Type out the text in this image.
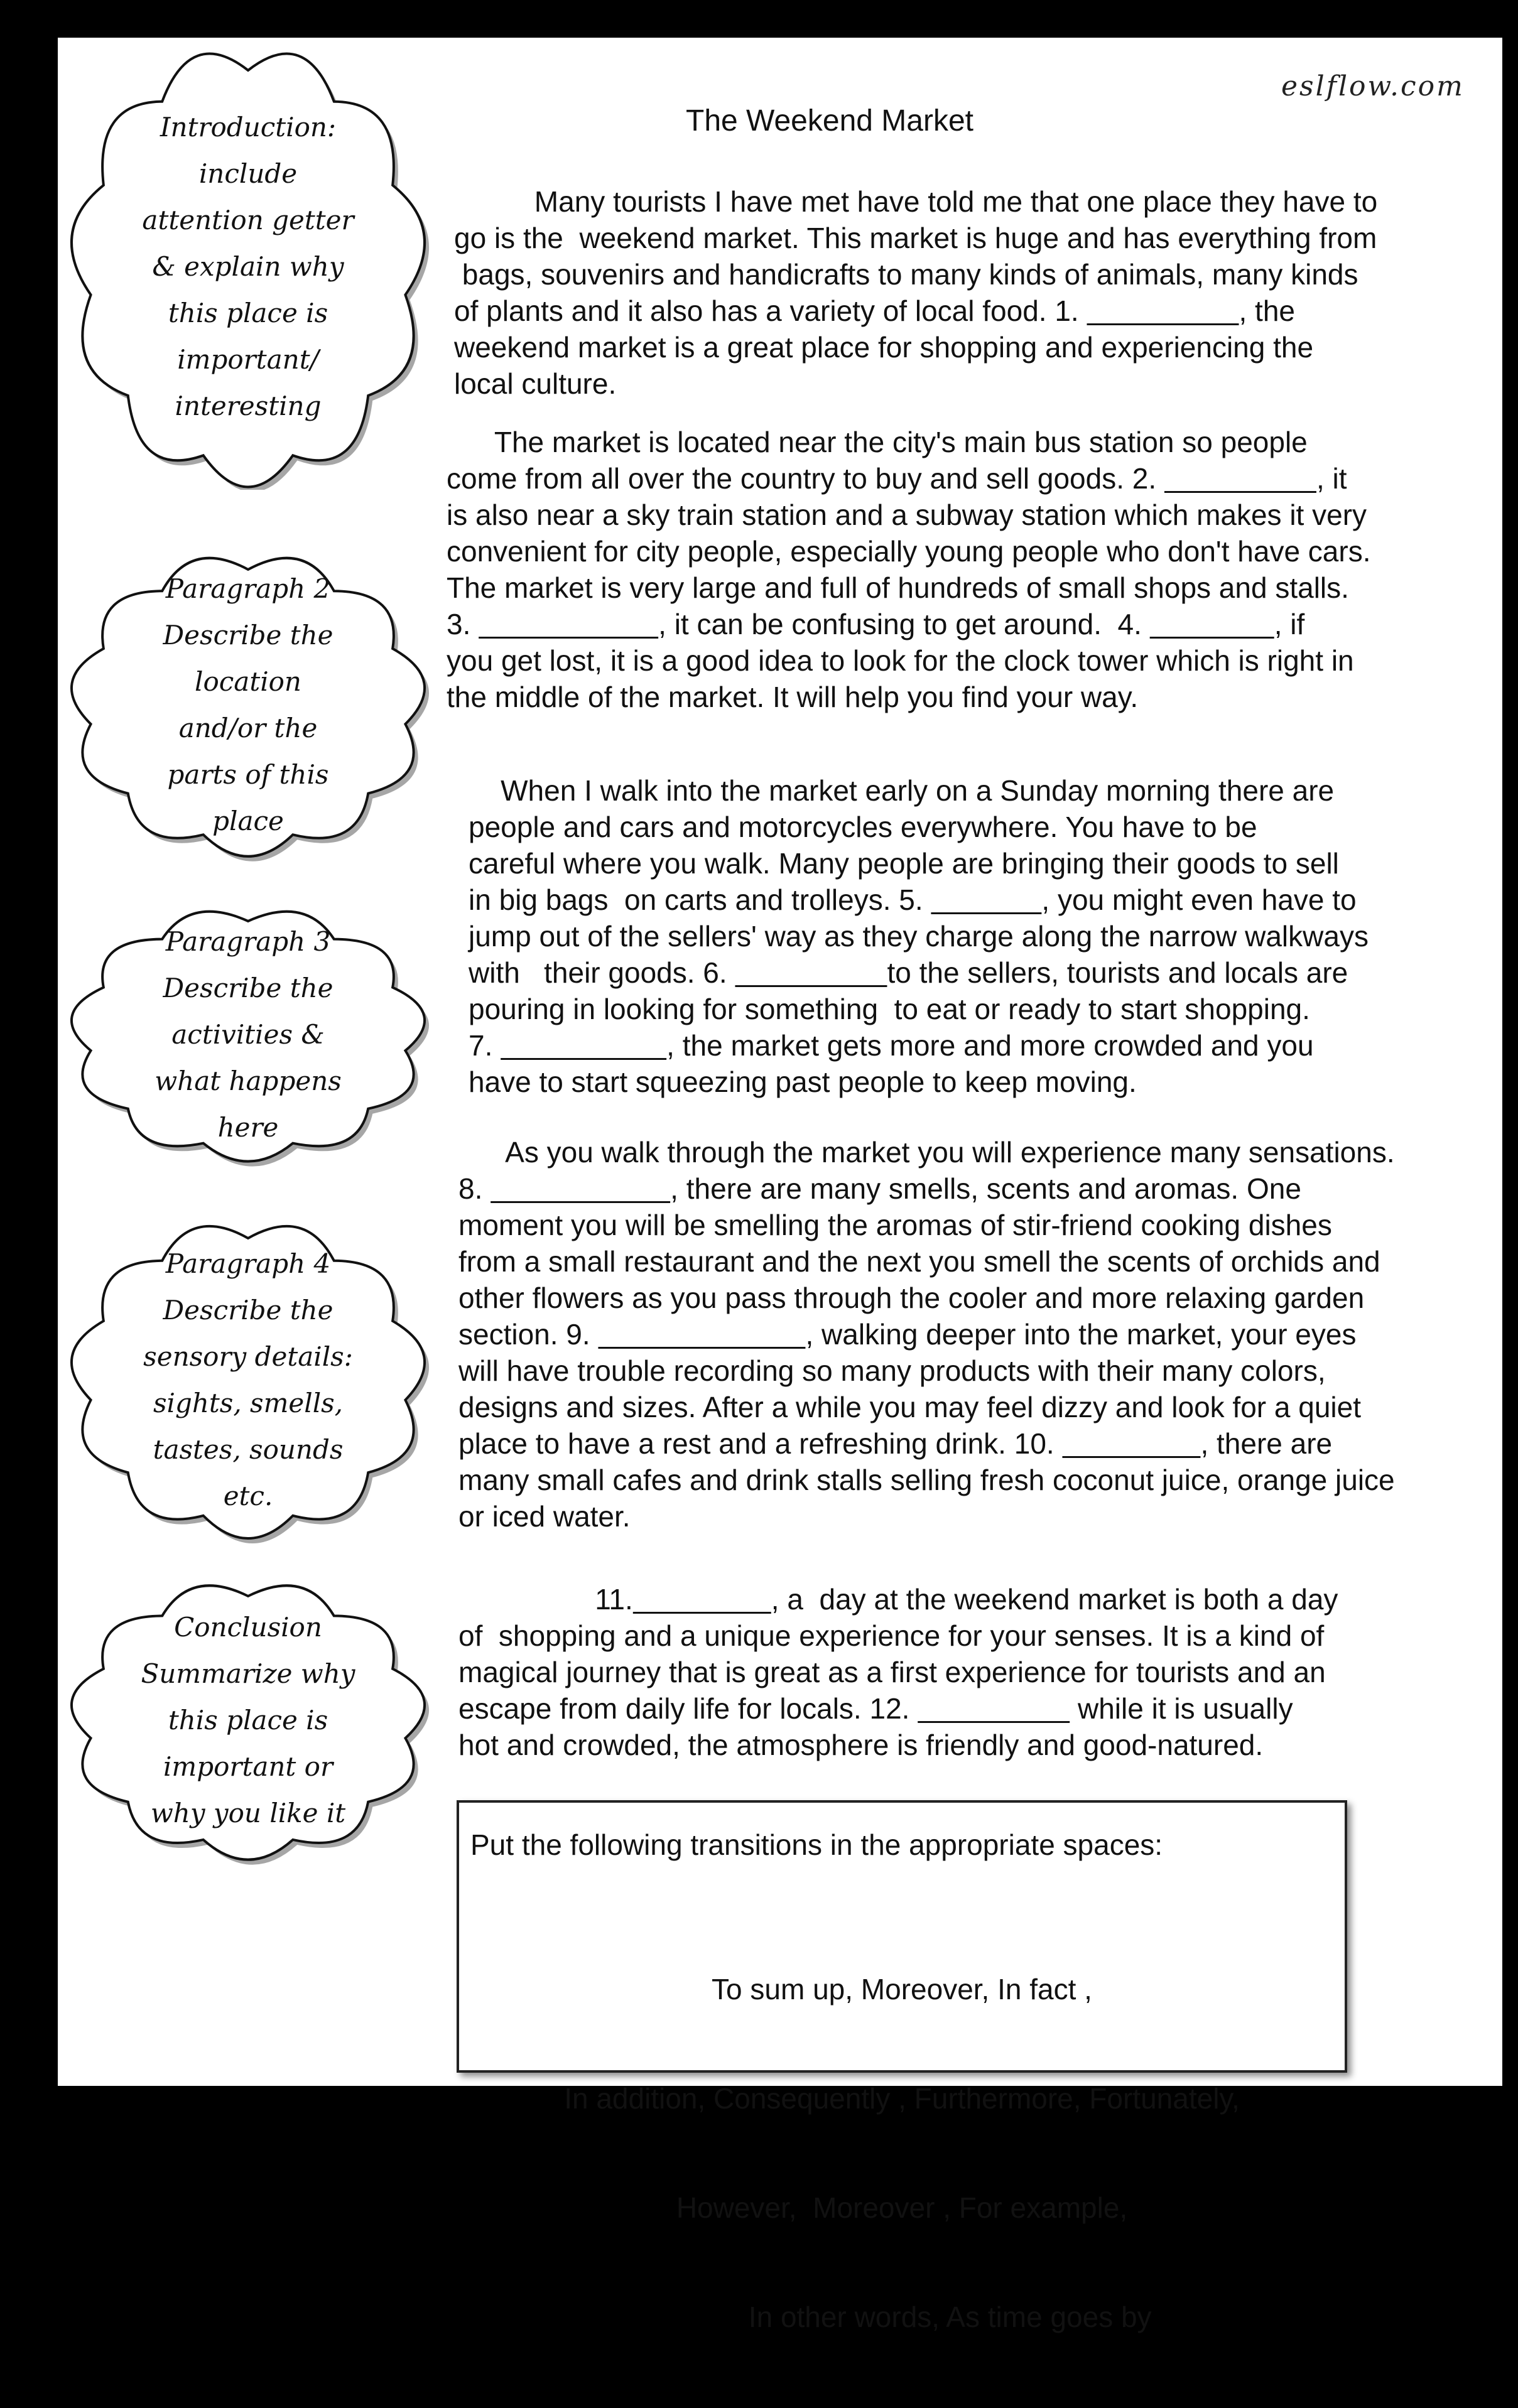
eslflow.com
The Weekend Market
Introduction:
include
attention getter
& explain why
this place is
important/
interesting
Paragraph 2
Describe the
location
and/or the
parts of this
place
Paragraph 3
Describe the
activities &
what happens
here
Paragraph 4
Describe the
sensory details:
sights, smells,
tastes, sounds
etc.
Conclusion
Summarize why
this place is
important or
why you like it
Many tourists I have met have told me that one place they have to
go is the  weekend market. This market is huge and has everything from
bags, souvenirs and handicrafts to many kinds of animals, many kinds
of plants and it also has a variety of local food. 1.            	, the
weekend market is a great place for shopping and experiencing the
local culture.
The market is located near the city's main bus station so people
come from all over the country to buy and sell goods. 2.            	, it
is also near a sky train station and a subway station which makes it very
convenient for city people, especially young people who don't have cars.
The market is very large and full of hundreds of small shops and stalls.
3.              	, it can be confusing to get around.  4.          	, if
you get lost, it is a good idea to look for the clock tower which is right in
the middle of the market. It will help you find your way.
When I walk into the market early on a Sunday morning there are
people and cars and motorcycles everywhere. You have to be
careful where you walk. Many people are bringing their goods to sell
in big bags  on carts and trolleys. 5.         	, you might even have to
jump out of the sellers' way as they charge along the narrow walkways
with   their goods. 6.            	to the sellers, tourists and locals are
pouring in looking for something  to eat or ready to start shopping.
7.             	, the market gets more and more crowded and you
have to start squeezing past people to keep moving.
As you walk through the market you will experience many sensations.
8.              	, there are many smells, scents and aromas. One
moment you will be smelling the aromas of stir-friend cooking dishes
from a small restaurant and the next you smell the scents of orchids and
other flowers as you pass through the cooler and more relaxing garden
section. 9.                	, walking deeper into the market, your eyes
will have trouble recording so many products with their many colors,
designs and sizes. After a while you may feel dizzy and look for a quiet
place to have a rest and a refreshing drink. 10.           	, there are
many small cafes and drink stalls selling fresh coconut juice, orange juice
or iced water.
11.          	, a  day at the weekend market is both a day
of  shopping and a unique experience for your senses. It is a kind of
magical journey that is great as a first experience for tourists and an
escape from daily life for locals. 12.            	while it is usually
hot and crowded, the atmosphere is friendly and good-natured.
Put the following transitions in the appropriate spaces:

To sum up, Moreover, In fact ,

In addition, Consequently , Furthermore, Fortunately,

However,  Moreover , For example,

In other words, As time goes by
